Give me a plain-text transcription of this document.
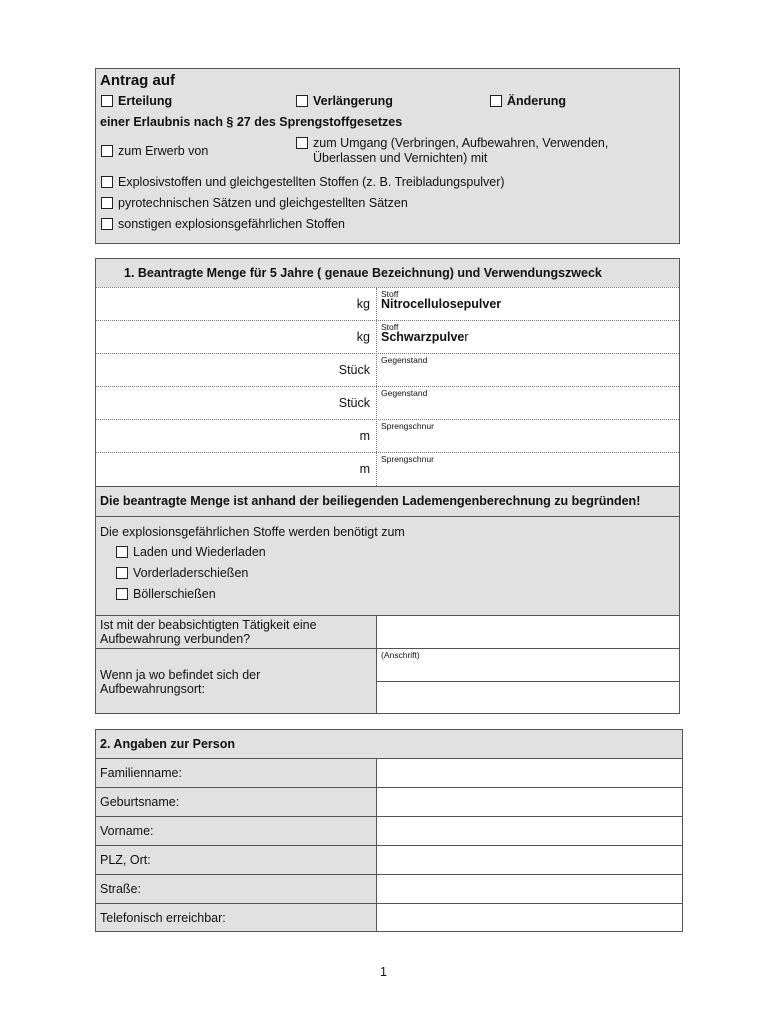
Antrag auf
Erteilung	Verlängerung	Änderung
einer Erlaubnis nach § 27 des Sprengstoffgesetzes
zum Erwerb von
zum Umgang (Verbringen, Aufbewahren, Verwenden,
Überlassen und Vernichten) mit
Explosivstoffen und gleichgestellten Stoffen (z. B. Treibladungspulver)
pyrotechnischen Sätzen und gleichgestellten Sätzen
sonstigen explosionsgefährlichen Stoffen
1. Beantragte Menge für 5 Jahre ( genaue Bezeichnung) und Verwendungszweck
kg
Stoff
Nitrocellulosepulver
kg
Stoff
Schwarzpulver
Stück
Gegenstand
Stück
Gegenstand
m
Sprengschnur
m
Sprengschnur
Die beantragte Menge ist anhand der beiliegenden Lademengenberechnung zu begründen!
Die explosionsgefährlichen Stoffe werden benötigt zum
Laden und Wiederladen
Vorderladerschießen
Böllerschießen
Ist mit der beabsichtigten Tätigkeit eine
Aufbewahrung verbunden?
Wenn ja wo befindet sich der
Aufbewahrungsort:
(Anschrift)
2. Angaben zur Person
Familienname:
Geburtsname:
Vorname:
PLZ, Ort:
Straße:
Telefonisch erreichbar:
1
